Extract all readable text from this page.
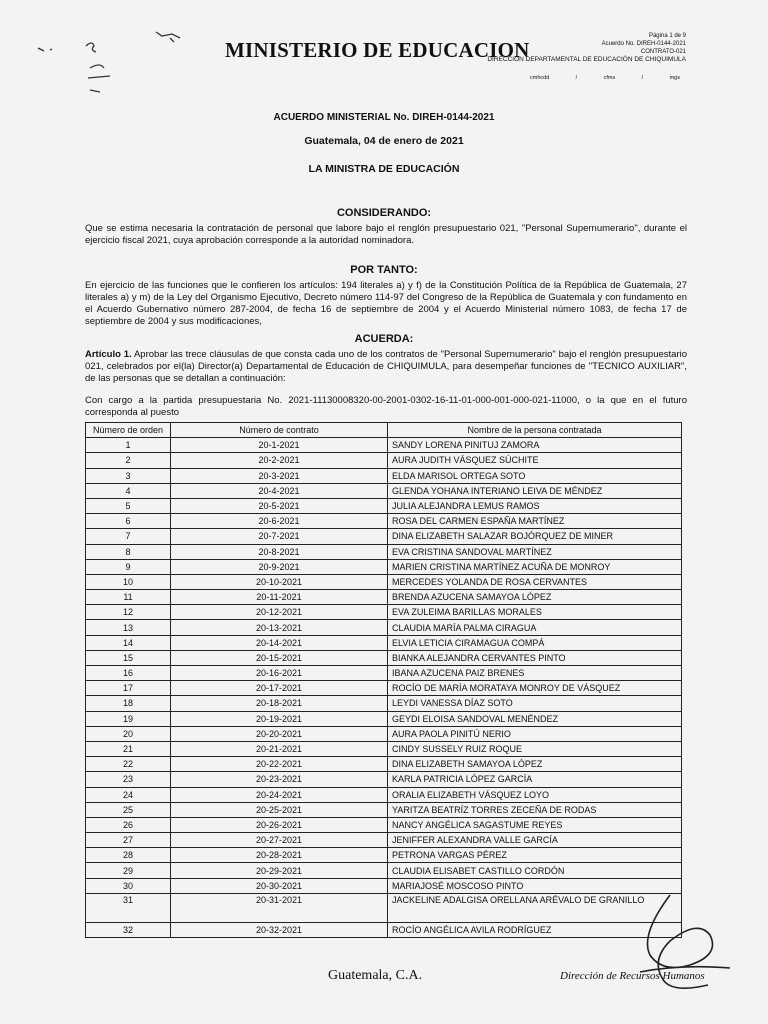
MINISTERIO DE EDUCACION
Página 1 de 9
Acuerdo No. DIREH-0144-2021
CONTRATO-021
DIRECCIÓN DEPARTAMENTAL DE EDUCACIÓN DE CHIQUIMULA
cmhcdd	/	cfms	/	mgs
ACUERDO MINISTERIAL No. DIREH-0144-2021
Guatemala, 04 de enero de 2021
LA MINISTRA DE EDUCACIÓN
CONSIDERANDO:
Que se estima necesaria la contratación de personal que labore bajo el renglón presupuestario 021, "Personal Supernumerario", durante el ejercicio fiscal 2021, cuya aprobación corresponde a la autoridad nominadora.
POR TANTO:
En ejercicio de las funciones que le confieren los artículos: 194 literales a) y f) de la Constitución Política de la República de Guatemala, 27 literales a) y m) de la Ley del Organismo Ejecutivo, Decreto número 114-97 del Congreso de la República de Guatemala y con fundamento en el Acuerdo Gubernativo número 287-2004, de fecha 16 de septiembre de 2004 y el Acuerdo Ministerial número 1083, de fecha 17 de septiembre de 2004 y sus modificaciones,
ACUERDA:
Artículo 1. Aprobar las trece cláusulas de que consta cada uno de los contratos de "Personal Supernumerario" bajo el renglón presupuestario 021, celebrados por el(la) Director(a) Departamental de Educación de CHIQUIMULA, para desempeñar funciones de "TECNICO AUXILIAR", de las personas que se detallan a continuación:
Con cargo a la partida presupuestaria No. 2021-11130008320-00-2001-0302-16-11-01-000-001-000-021-11000, o la que en el futuro corresponda al puesto
Número de orden	Número de contrato	Nombre de la persona contratada
1	20-1-2021	SANDY LORENA PINITUJ ZAMORA
2	20-2-2021	AURA JUDITH VÁSQUEZ SÚCHITE
3	20-3-2021	ELDA MARISOL ORTEGA SOTO
4	20-4-2021	GLENDA YOHANA INTERIANO LEIVA DE MÉNDEZ
5	20-5-2021	JULIA ALEJANDRA LEMUS RAMOS
6	20-6-2021	ROSA DEL CARMEN ESPAÑA MARTÍNEZ
7	20-7-2021	DINA ELIZABETH SALAZAR BOJÓRQUEZ DE MINER
8	20-8-2021	EVA CRISTINA SANDOVAL MARTÍNEZ
9	20-9-2021	MARIEN CRISTINA MARTÍNEZ ACUÑA DE MONROY
10	20-10-2021	MERCEDES YOLANDA DE ROSA CERVANTES
11	20-11-2021	BRENDA AZUCENA SAMAYOA LÓPEZ
12	20-12-2021	EVA ZULEIMA BARILLAS MORALES
13	20-13-2021	CLAUDIA MARÍA PALMA CIRAGUA
14	20-14-2021	ELVIA LETICIA CIRAMAGUA COMPÁ
15	20-15-2021	BIANKA ALEJANDRA CERVANTES PINTO
16	20-16-2021	IBANA AZUCENA PAIZ BRENES
17	20-17-2021	ROCÍO DE MARÍA MORATAYA MONROY DE VÁSQUEZ
18	20-18-2021	LEYDI VANESSA DÍAZ SOTO
19	20-19-2021	GEYDI ELOISA SANDOVAL MENÉNDEZ
20	20-20-2021	AURA PAOLA PINITÚ NERIO
21	20-21-2021	CINDY SUSSELY RUIZ ROQUE
22	20-22-2021	DINA ELIZABETH SAMAYOA LÓPEZ
23	20-23-2021	KARLA PATRICIA LÓPEZ GARCÍA
24	20-24-2021	ORALIA ELIZABETH VÁSQUEZ LOYO
25	20-25-2021	YARITZA BEATRÍZ TORRES ZECEÑA DE RODAS
26	20-26-2021	NANCY ANGÉLICA SAGASTUME REYES
27	20-27-2021	JENIFFER ALEXANDRA VALLE GARCÍA
28	20-28-2021	PETRONA VARGAS PÉREZ
29	20-29-2021	CLAUDIA ELISABET CASTILLO CORDÓN
30	20-30-2021	MARIAJOSÉ MOSCOSO PINTO
31	20-31-2021	JACKELINE ADALGISA ORELLANA ARÉVALO DE GRANILLO
32	20-32-2021	ROCÍO ANGÉLICA AVILA RODRÍGUEZ
Guatemala, C.A.	Dirección de Recursos Humanos
